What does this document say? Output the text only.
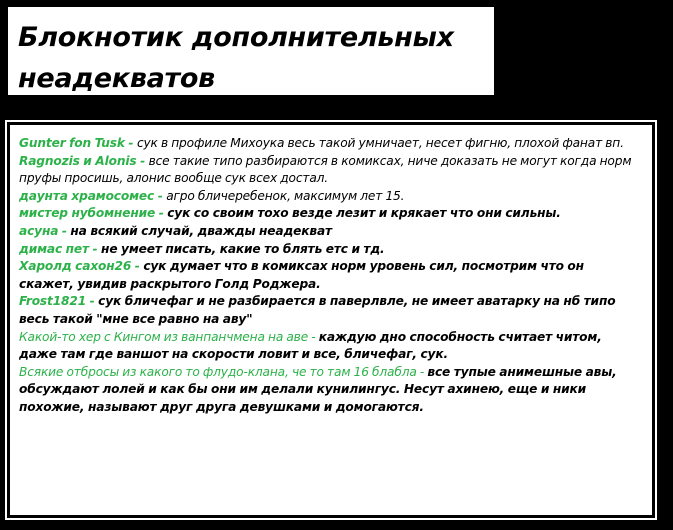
Блокнотик дополнительных
неадекватов

Gunter fon Tusk - сук в профиле Михоука весь такой умничает, несет фигню, плохой фанат вп.

Ragnozis и Alonis - все такие типо разбираются в комиксах, ниче доказать не могут когда норм пруфы просишь, алонис вообще сук всех достал.

даунта храмосомес - агро бличеребенок, максимум лет 15.

мистер нубомнение - сук со своим тохо везде лезит и крякает что они сильны.

асуна - на всякий случай, дважды неадекват

димас пет - не умеет писать, какие то блять етс и тд.

Харолд сахон26 - сук думает что в комиксах норм уровень сил, посмотрим что он скажет, увидив раскрытого Голд Роджера.

Frost1821 - сук бличефаг и не разбирается в паверлвле, не имеет аватарку на нб типо весь такой "мне все равно на аву"

Какой-то хер с Кингом из ванпанчмена на аве - каждую дно способность считает читом, даже там где ваншот на скорости ловит и все, бличефаг, сук.

Всякие отбросы из какого то флудо-клана, че то там 16 блабла - все тупые анимешные авы, обсуждают лолей и как бы они им делали кунилингус. Несут ахинею, еще и ники похожие, называют друг друга девушками и домогаются.
